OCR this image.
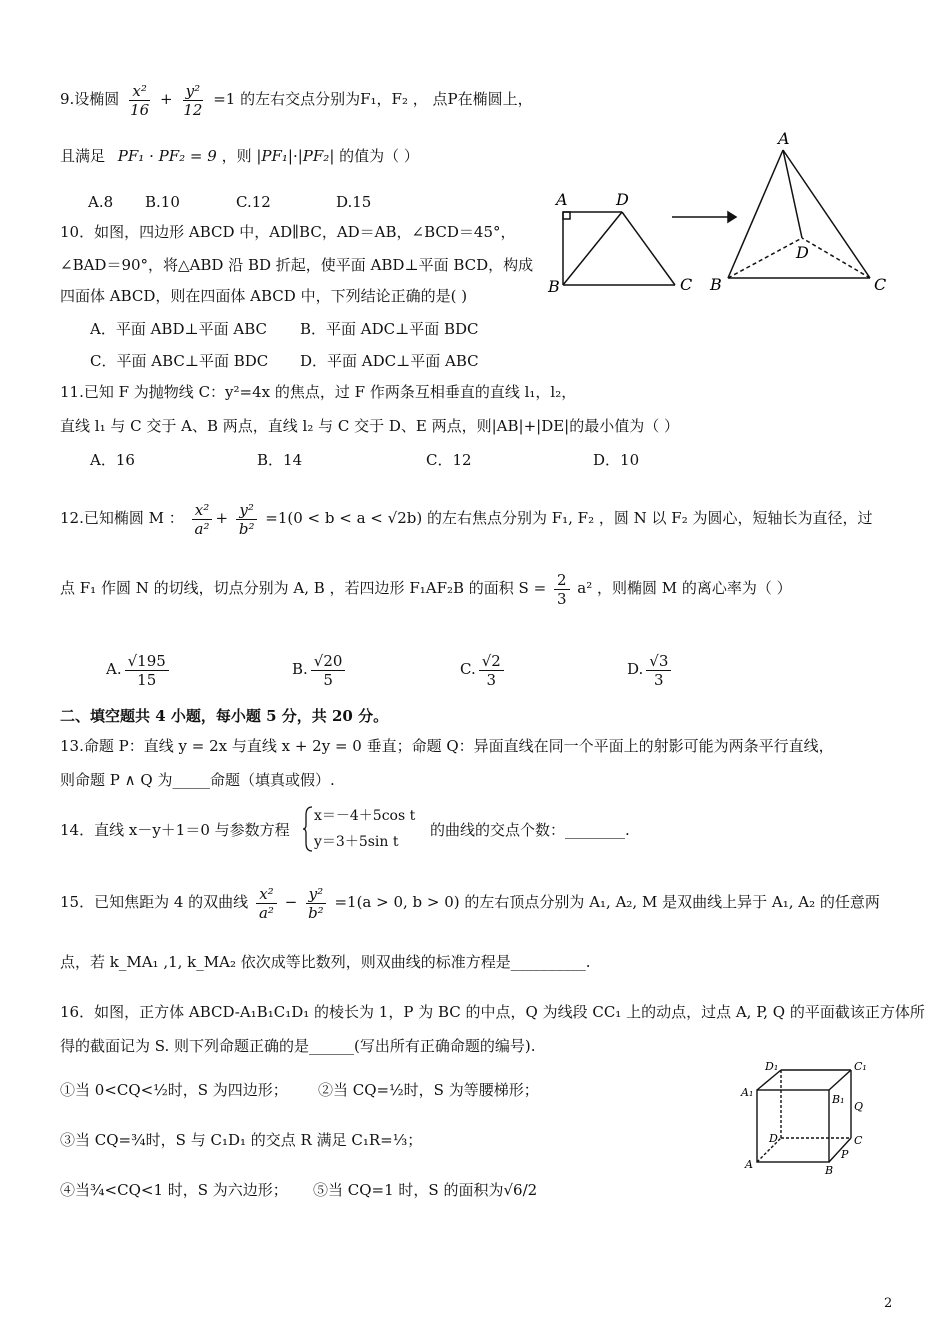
9.设椭圆 $\frac{\text{x²}}{16} + \frac{\text{y²}}{12} =1$ 的左右交点分别为F₁，F₂ ， 点P在椭圆上，
且满足 PF₁ · PF₂ = 9 ，则 |PF₁|·|PF₂| 的值为（ ）
A.8 B.10	C.12	D.15
10．如图，四边形 ABCD 中，AD∥BC，AD＝AB，∠BCD＝45°，
∠BAD＝90°，将△ABD 沿 BD 折起，使平面 ABD⊥平面 BCD，构成
四面体 ABCD，则在四面体 ABCD 中，下列结论正确的是( )
A．平面 ABD⊥平面 ABC B．平面 ADC⊥平面 BDC
C．平面 ABC⊥平面 BDC D．平面 ADC⊥平面 ABC
A	D
B	C
A
D
B	C
11.已知 F 为抛物线 C：y²=4x 的焦点，过 F 作两条互相垂直的直线 l₁，l₂，
直线 l₁ 与 C 交于 A、B 两点，直线 l₂ 与 C 交于 D、E 两点，则|AB|+|DE|的最小值为（ ）
A．16	B．14	C．12	D．10
12.已知椭圆 M ： $\frac{\text{x²}}{\text{a²}} + \frac{\text{y²}}{\text{b²}} =1(0 < b < a < √2b)$ 的左右焦点分别为 F₁, F₂ ，圆 N 以 F₂ 为圆心，短轴长为直径，过
点 F₁ 作圆 N 的切线，切点分别为 A, B ，若四边形 F₁AF₂B 的面积 $S = \frac{2}{3} a^2$ ，则椭圆 M 的离心率为（ ）
A. $\frac{√195}{15}$	B. $\frac{√20}{5}$	C. $\frac{√2}{3}$	D. $\frac{√3}{3}$
二、填空题共 4 小题，每小题 5 分，共 20 分。
13.命题 P：直线 y = 2x 与直线 x + 2y = 0 垂直；命题 Q：异面直线在同一个平面上的射影可能为两条平行直线，
则命题 P ∧ Q 为_____命题（填真或假）.
14．直线 x－y＋1＝0 与参数方程
x＝－4＋5cos t
y＝3＋5sin t
的曲线的交点个数：________.
15．已知焦距为 4 的双曲线 $\frac{\text{x²}}{\text{a²}} - \frac{\text{y²}}{\text{b²}} =1(a > 0$, b > 0) 的左右顶点分别为 A₁, A₂, M 是双曲线上异于 A₁, A₂ 的任意两
点，若 k_MA₁ ,1, k_MA₂ 依次成等比数列，则双曲线的标准方程是__________.
16．如图，正方体 ABCD-A₁B₁C₁D₁ 的棱长为 1，P 为 BC 的中点，Q 为线段 CC₁ 上的动点，过点 A, P, Q 的平面截该正方体所
得的截面记为 S. 则下列命题正确的是______(写出所有正确命题的编号).
①当 0<CQ<½时，S 为四边形； ②当 CQ=½时，S 为等腰梯形；
③当 CQ=¾时，S 与 C₁D₁ 的交点 R 满足 C₁R=⅓；
④当¾<CQ<1 时，S 为六边形； ⑤当 CQ=1 时，S 的面积为√6/2
D₁	C₁
A₁
B₁
Q
D	C
A	B
P
2
